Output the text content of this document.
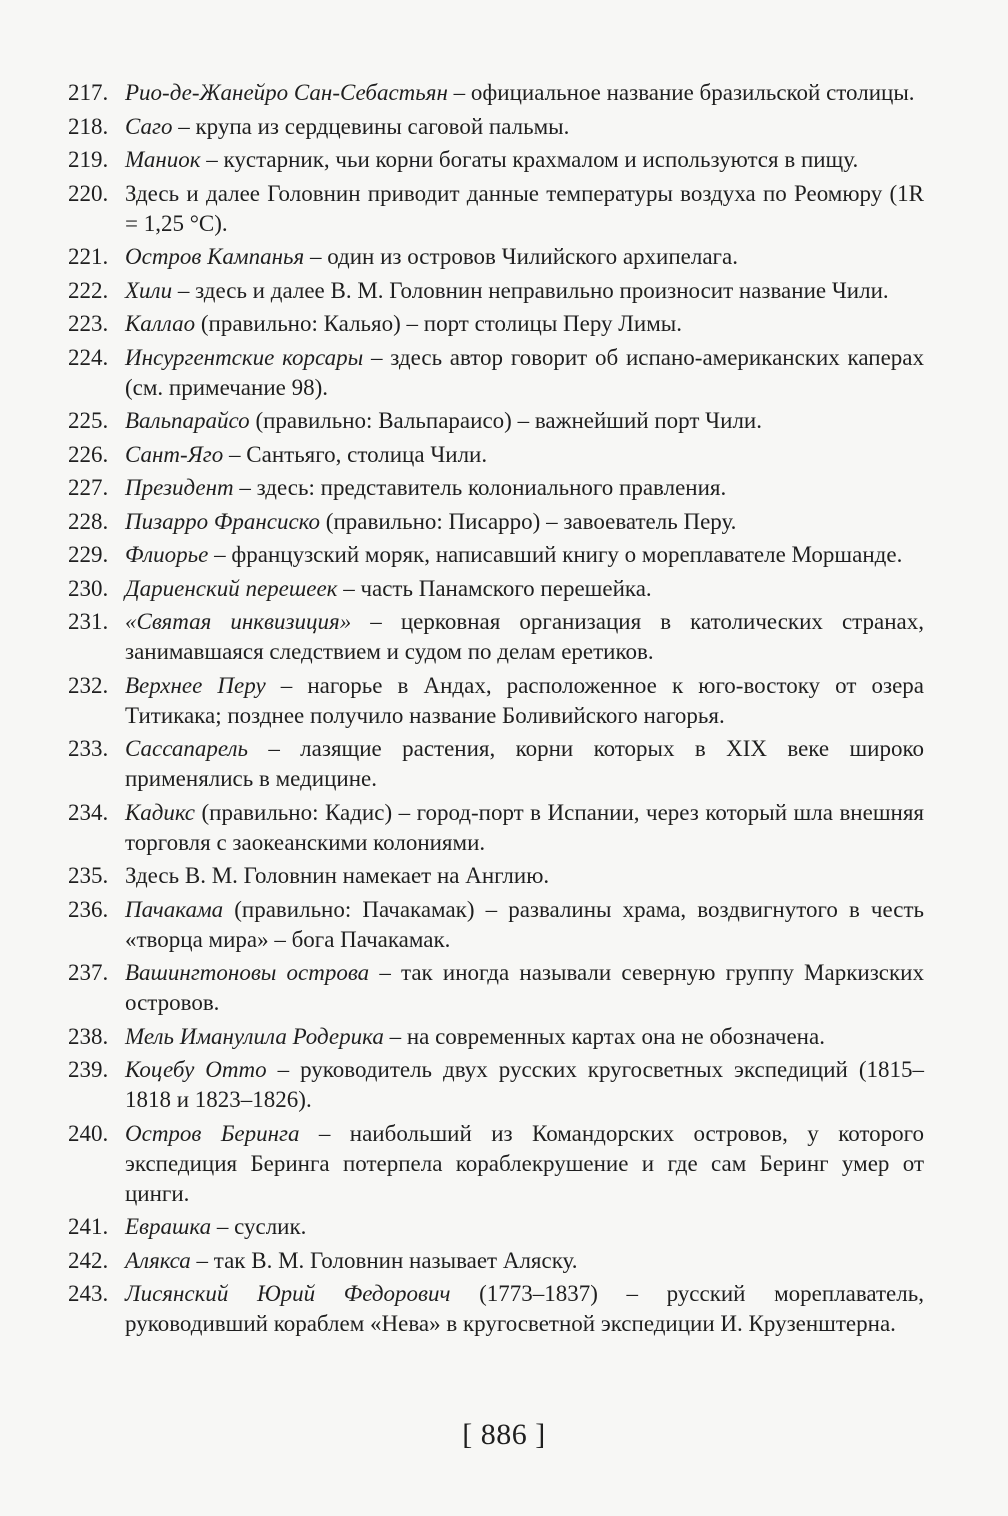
217. Рио-де-Жанейро Сан-Себастьян – официальное название бразильской столицы.
218. Саго – крупа из сердцевины саговой пальмы.
219. Маниок – кустарник, чьи корни богаты крахмалом и используются в пищу.
220. Здесь и далее Головнин приводит данные температуры воздуха по Реомюру (1R = 1,25 °C).
221. Остров Кампанья – один из островов Чилийского архипелага.
222. Хили – здесь и далее В. М. Головнин неправильно произносит название Чили.
223. Каллао (правильно: Кальяо) – порт столицы Перу Лимы.
224. Инсургентские корсары – здесь автор говорит об испано-американских каперах (см. примечание 98).
225. Вальпарайсо (правильно: Вальпараисо) – важнейший порт Чили.
226. Сант-Яго – Сантьяго, столица Чили.
227. Президент – здесь: представитель колониального правления.
228. Пизарро Франсиско (правильно: Писарро) – завоеватель Перу.
229. Флиорье – французский моряк, написавший книгу о мореплавателе Моршанде.
230. Дариенский перешеек – часть Панамского перешейка.
231. «Святая инквизиция» – церковная организация в католических странах, занимавшаяся следствием и судом по делам еретиков.
232. Верхнее Перу – нагорье в Андах, расположенное к юго-востоку от озера Титикака; позднее получило название Боливийского нагорья.
233. Сассапарель – лазящие растения, корни которых в XIX веке широко применялись в медицине.
234. Кадикс (правильно: Кадис) – город-порт в Испании, через который шла внешняя торговля с заокеанскими колониями.
235. Здесь В. М. Головнин намекает на Англию.
236. Пачакама (правильно: Пачакамак) – развалины храма, воздвигнутого в честь «творца мира» – бога Пачакамак.
237. Вашингтоновы острова – так иногда называли северную группу Маркизских островов.
238. Мель Иманулила Родерика – на современных картах она не обозначена.
239. Коцебу Отто – руководитель двух русских кругосветных экспедиций (1815–1818 и 1823–1826).
240. Остров Беринга – наибольший из Командорских островов, у которого экспедиция Беринга потерпела кораблекрушение и где сам Беринг умер от цинги.
241. Еврашка – суслик.
242. Алякса – так В. М. Головнин называет Аляску.
243. Лисянский Юрий Федорович (1773–1837) – русский мореплаватель, руководивший кораблем «Нева» в кругосветной экспедиции И. Крузенштерна.
[ 886 ]
